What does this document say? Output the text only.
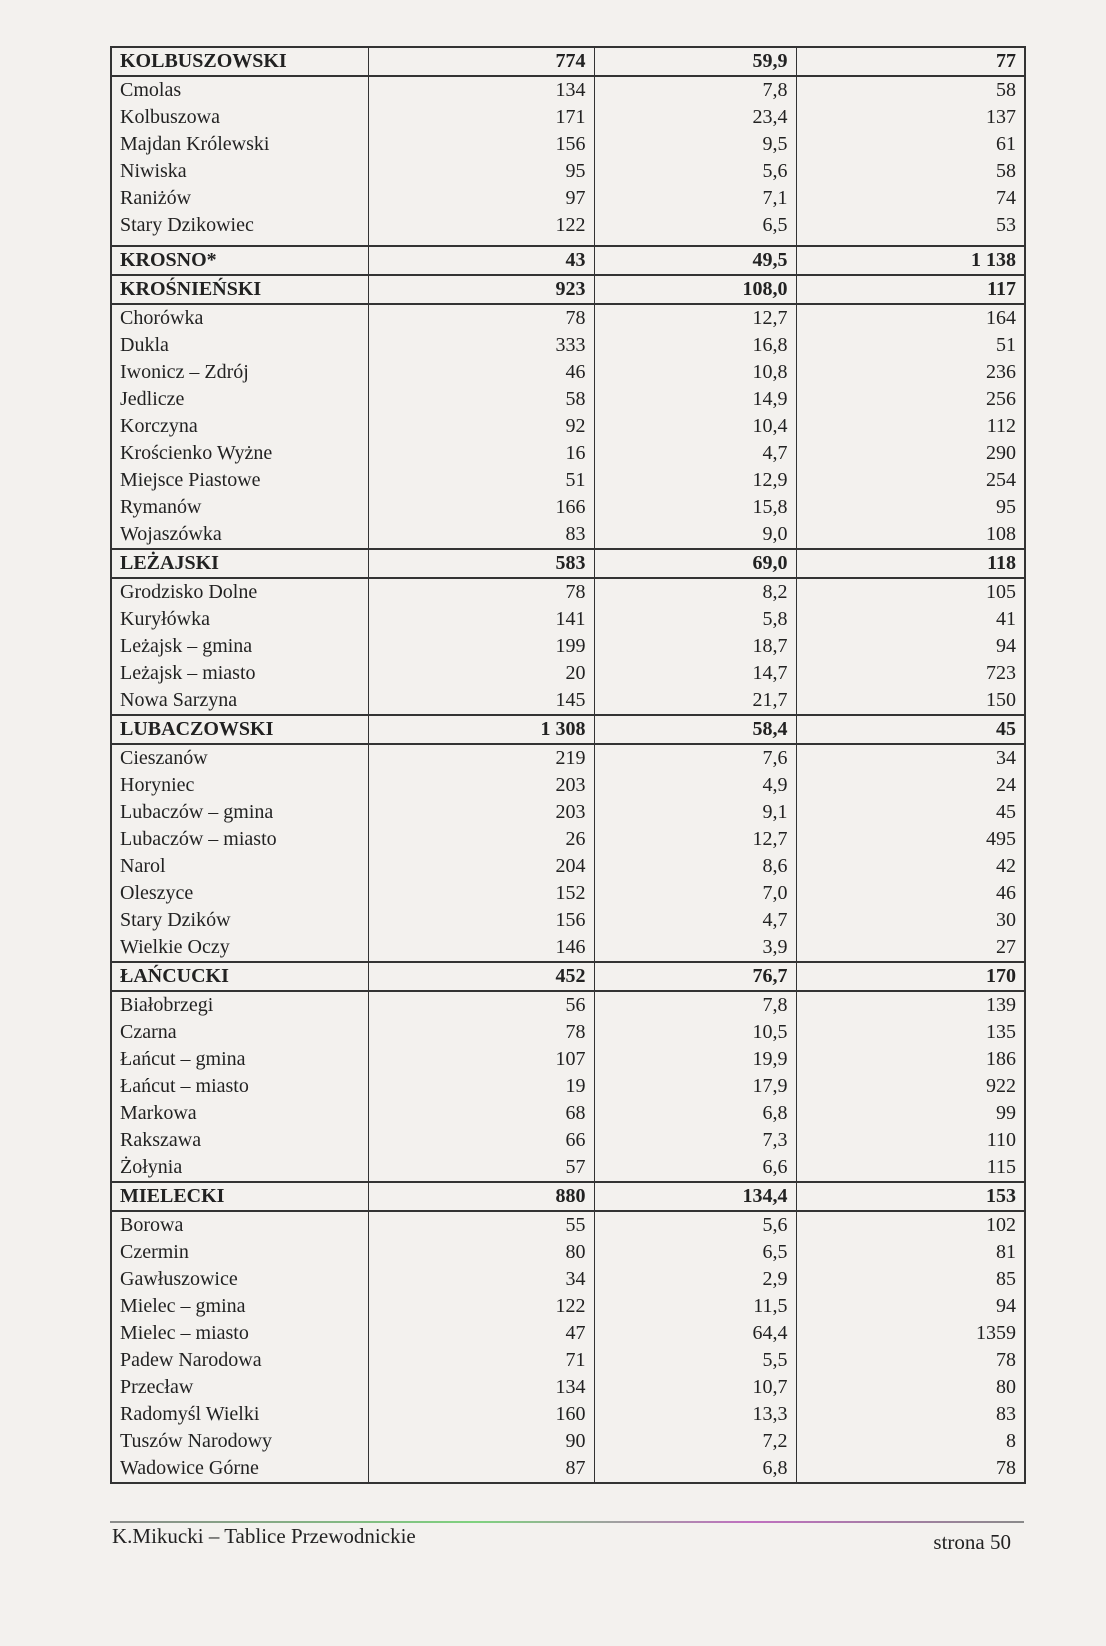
KOLBUSZOWSKI	774	59,9	77
Cmolas	134	7,8	58
Kolbuszowa	171	23,4	137
Majdan Królewski	156	9,5	61
Niwiska	95	5,6	58
Raniżów	97	7,1	74
Stary Dzikowiec	122	6,5	53

KROSNO*	43	49,5	1 138
KROŚNIEŃSKI	923	108,0	117
Chorówka	78	12,7	164
Dukla	333	16,8	51
Iwonicz – Zdrój	46	10,8	236
Jedlicze	58	14,9	256
Korczyna	92	10,4	112
Krościenko Wyżne	16	4,7	290
Miejsce Piastowe	51	12,9	254
Rymanów	166	15,8	95
Wojaszówka	83	9,0	108
LEŻAJSKI	583	69,0	118
Grodzisko Dolne	78	8,2	105
Kuryłówka	141	5,8	41
Leżajsk – gmina	199	18,7	94
Leżajsk – miasto	20	14,7	723
Nowa Sarzyna	145	21,7	150
LUBACZOWSKI	1 308	58,4	45
Cieszanów	219	7,6	34
Horyniec	203	4,9	24
Lubaczów – gmina	203	9,1	45
Lubaczów – miasto	26	12,7	495
Narol	204	8,6	42
Oleszyce	152	7,0	46
Stary Dzików	156	4,7	30
Wielkie Oczy	146	3,9	27
ŁAŃCUCKI	452	76,7	170
Białobrzegi	56	7,8	139
Czarna	78	10,5	135
Łańcut – gmina	107	19,9	186
Łańcut – miasto	19	17,9	922
Markowa	68	6,8	99
Rakszawa	66	7,3	110
Żołynia	57	6,6	115
MIELECKI	880	134,4	153
Borowa	55	5,6	102
Czermin	80	6,5	81
Gawłuszowice	34	2,9	85
Mielec – gmina	122	11,5	94
Mielec – miasto	47	64,4	1359
Padew Narodowa	71	5,5	78
Przecław	134	10,7	80
Radomyśl Wielki	160	13,3	83
Tuszów Narodowy	90	7,2	8
Wadowice Górne	87	6,8	78
K.Mikucki – Tablice Przewodnickie	strona 50
